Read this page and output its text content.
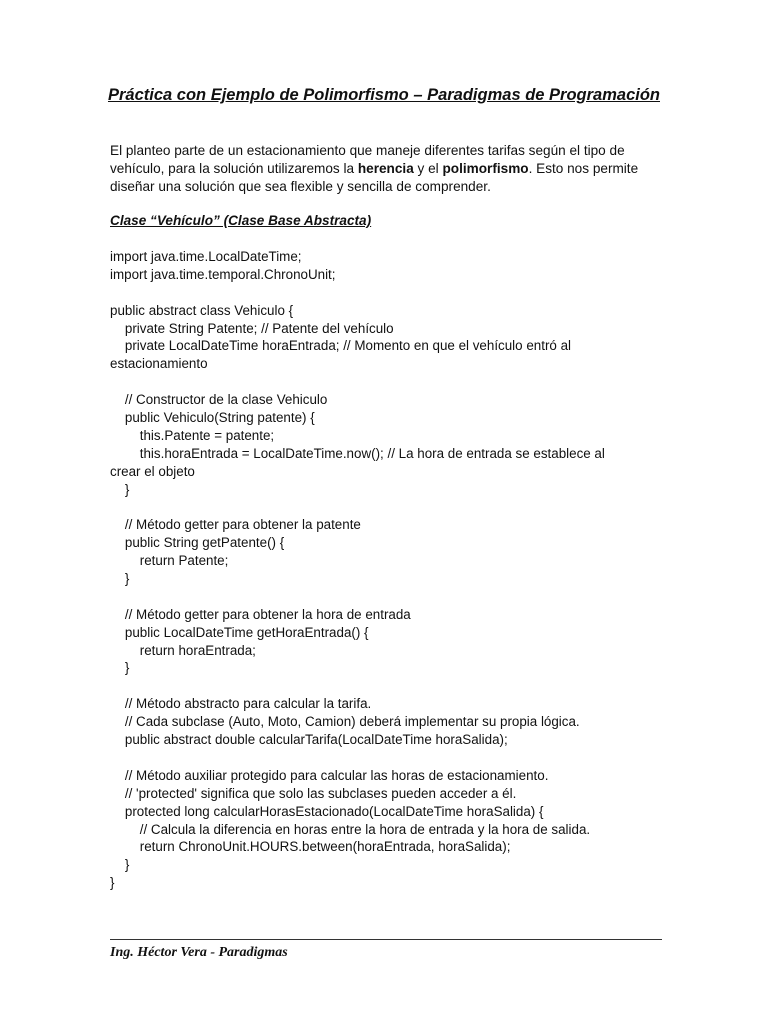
Práctica con Ejemplo de Polimorfismo – Paradigmas de Programación
El planteo parte de un estacionamiento que maneje diferentes tarifas según el tipo de
vehículo, para la solución utilizaremos la herencia y el polimorfismo. Esto nos permite
diseñar una solución que sea flexible y sencilla de comprender.
Clase “Vehículo” (Clase Base Abstracta)
import java.time.LocalDateTime;
import java.time.temporal.ChronoUnit;
public abstract class Vehiculo {
private String Patente; // Patente del vehículo
private LocalDateTime horaEntrada; // Momento en que el vehículo entró al
estacionamiento
// Constructor de la clase Vehiculo
public Vehiculo(String patente) {
this.Patente = patente;
this.horaEntrada = LocalDateTime.now(); // La hora de entrada se establece al
crear el objeto
}
// Método getter para obtener la patente
public String getPatente() {
return Patente;
}
// Método getter para obtener la hora de entrada
public LocalDateTime getHoraEntrada() {
return horaEntrada;
}
// Método abstracto para calcular la tarifa.
// Cada subclase (Auto, Moto, Camion) deberá implementar su propia lógica.
public abstract double calcularTarifa(LocalDateTime horaSalida);
// Método auxiliar protegido para calcular las horas de estacionamiento.
// 'protected' significa que solo las subclases pueden acceder a él.
protected long calcularHorasEstacionado(LocalDateTime horaSalida) {
// Calcula la diferencia en horas entre la hora de entrada y la hora de salida.
return ChronoUnit.HOURS.between(horaEntrada, horaSalida);
}
}
Ing. Héctor Vera - Paradigmas
